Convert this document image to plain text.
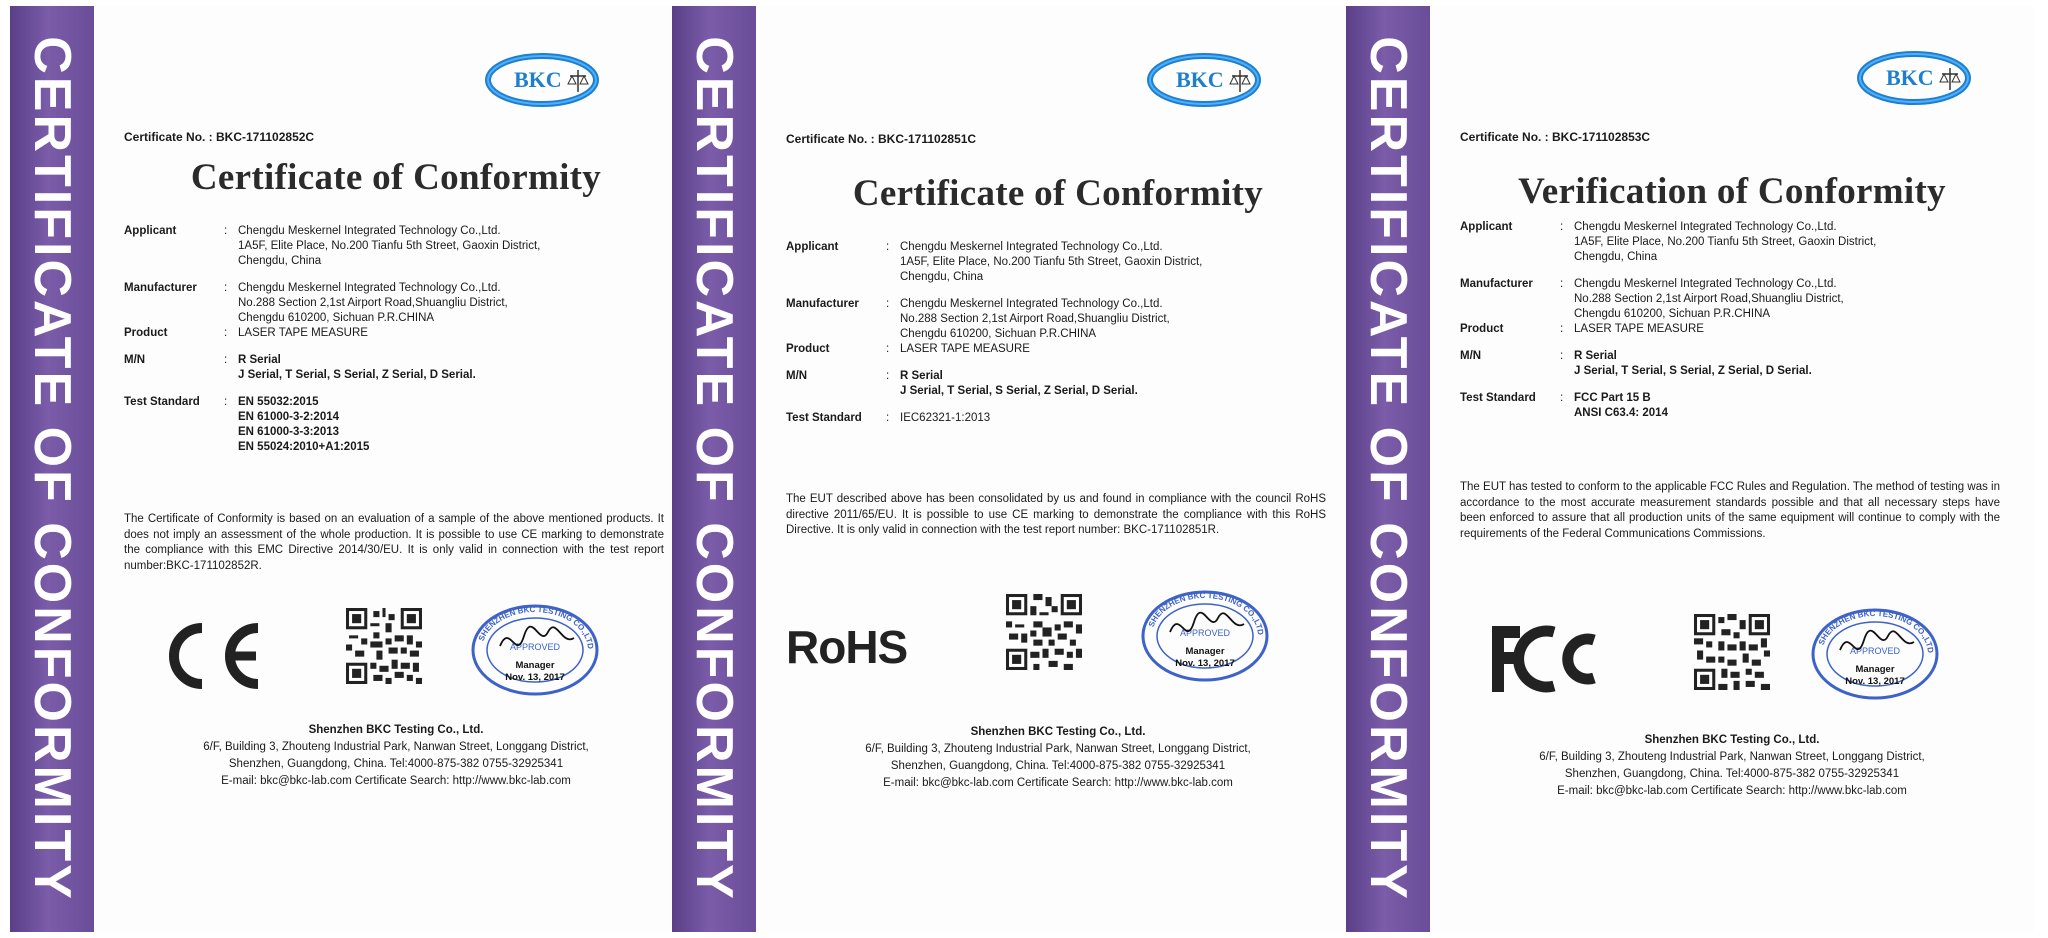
CERTIFICATE OF CONFORMITY	BKC
Certificate No. : BKC-171102852C
Certificate of Conformity
Applicant	: Chengdu Meskernel Integrated Technology Co.,Ltd.
1A5F, Elite Place, No.200 Tianfu 5th Street, Gaoxin District,
Chengdu, China
Manufacturer	: Chengdu Meskernel Integrated Technology Co.,Ltd.
No.288 Section 2,1st Airport Road,Shuangliu District,
Chengdu 610200, Sichuan P.R.CHINA
Product	: LASER TAPE MEASURE
M/N	: R Serial
J Serial, T Serial, S Serial, Z Serial, D Serial.
Test Standard	: EN 55032:2015
EN 61000-3-2:2014
EN 61000-3-3:2013
EN 55024:2010+A1:2015
The Certificate of Conformity is based on an evaluation of a sample of the above mentioned products. It does not imply an assessment of the whole production. It is possible to use CE marking to demonstrate the compliance with this EMC Directive 2014/30/EU. It is only valid in connection with the test report number:BKC-171102852R.
SHENZHEN BKC TESTING CO.,LTD
APPROVED
Manager
Nov. 13, 2017
Shenzhen BKC Testing Co., Ltd.
6/F, Building 3, Zhouteng Industrial Park, Nanwan Street, Longgang District,
Shenzhen, Guangdong, China. Tel:4000-875-382 0755-32925341
E-mail: bkc@bkc-lab.com Certificate Search: http://www.bkc-lab.com	CERTIFICATE OF CONFORMITY	BKC
Certificate No. : BKC-171102851C
Certificate of Conformity
Applicant	: Chengdu Meskernel Integrated Technology Co.,Ltd.
1A5F, Elite Place, No.200 Tianfu 5th Street, Gaoxin District,
Chengdu, China
Manufacturer	: Chengdu Meskernel Integrated Technology Co.,Ltd.
No.288 Section 2,1st Airport Road,Shuangliu District,
Chengdu 610200, Sichuan P.R.CHINA
Product	: LASER TAPE MEASURE
M/N	: R Serial
J Serial, T Serial, S Serial, Z Serial, D Serial.
Test Standard	: IEC62321-1:2013
The EUT described above has been consolidated by us and found in compliance with the council RoHS directive 2011/65/EU. It is possible to use CE marking to demonstrate the compliance with this RoHS Directive. It is only valid in connection with the test report number: BKC-171102851R.
RoHS	SHENZHEN BKC TESTING CO.,LTD
APPROVED
Manager
Nov. 13, 2017
Shenzhen BKC Testing Co., Ltd.
6/F, Building 3, Zhouteng Industrial Park, Nanwan Street, Longgang District,
Shenzhen, Guangdong, China. Tel:4000-875-382 0755-32925341
E-mail: bkc@bkc-lab.com Certificate Search: http://www.bkc-lab.com	CERTIFICATE OF CONFORMITY	BKC
Certificate No. : BKC-171102853C
Verification of Conformity
Applicant	: Chengdu Meskernel Integrated Technology Co.,Ltd.
1A5F, Elite Place, No.200 Tianfu 5th Street, Gaoxin District,
Chengdu, China
Manufacturer	: Chengdu Meskernel Integrated Technology Co.,Ltd.
No.288 Section 2,1st Airport Road,Shuangliu District,
Chengdu 610200, Sichuan P.R.CHINA
Product	: LASER TAPE MEASURE
M/N	: R Serial
J Serial, T Serial, S Serial, Z Serial, D Serial.
Test Standard	: FCC Part 15 B
ANSI C63.4: 2014
The EUT has tested to conform to the applicable FCC Rules and Regulation. The method of testing was in accordance to the most accurate measurement standards possible and that all necessary steps have been enforced to assure that all production units of the same equipment will continue to comply with the requirements of the Federal Communications Commissions.
SHENZHEN BKC TESTING CO.,LTD
APPROVED
Manager
Nov. 13, 2017
Shenzhen BKC Testing Co., Ltd.
6/F, Building 3, Zhouteng Industrial Park, Nanwan Street, Longgang District,
Shenzhen, Guangdong, China. Tel:4000-875-382 0755-32925341
E-mail: bkc@bkc-lab.com Certificate Search: http://www.bkc-lab.com
